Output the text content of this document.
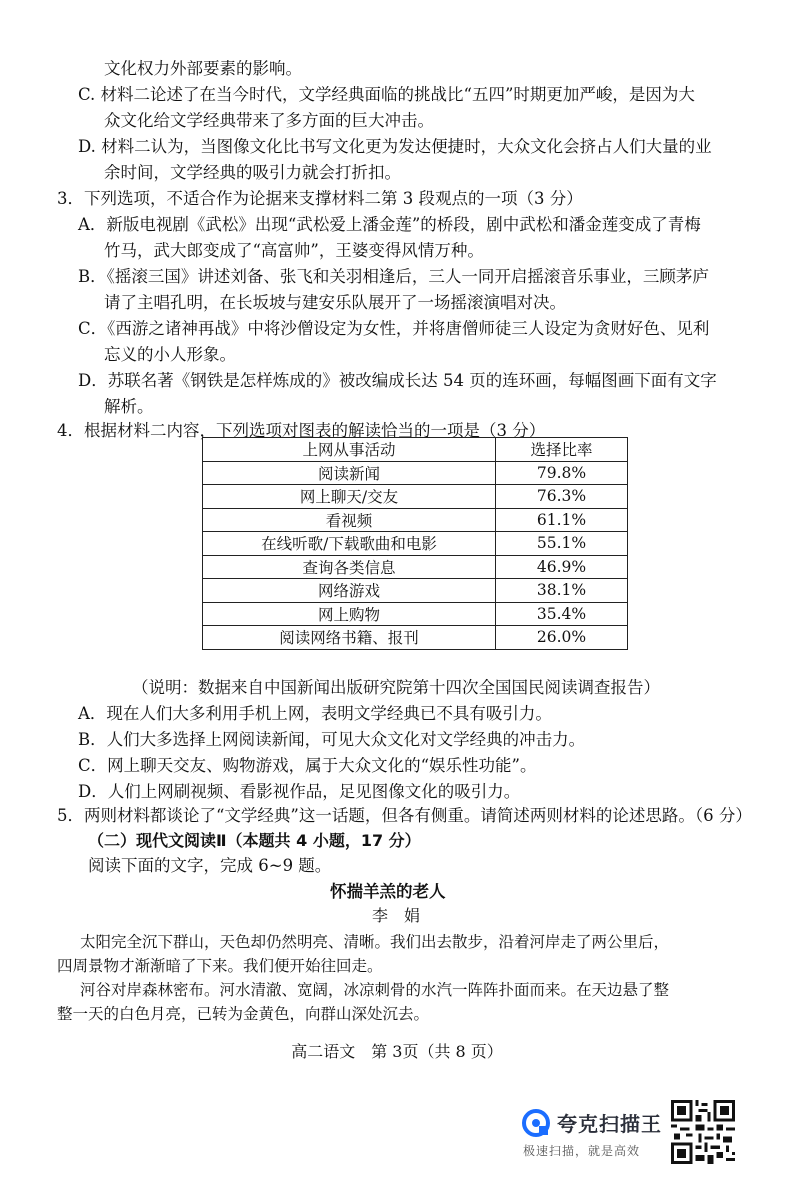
文化权力外部要素的影响。
C. 材料二论述了在当今时代，文学经典面临的挑战比“五四”时期更加严峻，是因为大
众文化给文学经典带来了多方面的巨大冲击。
D. 材料二认为，当图像文化比书写文化更为发达便捷时，大众文化会挤占人们大量的业
余时间，文学经典的吸引力就会打折扣。
3．下列选项，不适合作为论据来支撑材料二第 3 段观点的一项（3 分）
A．新版电视剧《武松》出现“武松爱上潘金莲”的桥段，剧中武松和潘金莲变成了青梅
竹马，武大郎变成了“高富帅”，王婆变得风情万种。
B．《摇滚三国》讲述刘备、张飞和关羽相逢后，三人一同开启摇滚音乐事业，三顾茅庐
请了主唱孔明，在长坂坡与建安乐队展开了一场摇滚演唱对决。
C．《西游之诸神再战》中将沙僧设定为女性，并将唐僧师徒三人设定为贪财好色、见利
忘义的小人形象。
D．苏联名著《钢铁是怎样炼成的》被改编成长达 54 页的连环画，每幅图画下面有文字
解析。
4．根据材料二内容，下列选项对图表的解读恰当的一项是（3 分）
上网从事活动	选择比率
阅读新闻	79.8%
网上聊天/交友	76.3%
看视频	61.1%
在线听歌/下载歌曲和电影	55.1%
查询各类信息	46.9%
网络游戏	38.1%
网上购物	35.4%
阅读网络书籍、报刊	26.0%
（说明：数据来自中国新闻出版研究院第十四次全国国民阅读调查报告）
A．现在人们大多利用手机上网，表明文学经典已不具有吸引力。
B．人们大多选择上网阅读新闻，可见大众文化对文学经典的冲击力。
C．网上聊天交友、购物游戏，属于大众文化的“娱乐性功能”。
D．人们上网刷视频、看影视作品，足见图像文化的吸引力。
5．两则材料都谈论了“文学经典”这一话题，但各有侧重。请简述两则材料的论述思路。（6 分）
（二）现代文阅读Ⅱ（本题共 4 小题，17 分）
阅读下面的文字，完成 6~9 题。
怀揣羊羔的老人
李　娟
太阳完全沉下群山，天色却仍然明亮、清晰。我们出去散步，沿着河岸走了两公里后，
四周景物才渐渐暗了下来。我们便开始往回走。
河谷对岸森林密布。河水清澈、宽阔，冰凉刺骨的水汽一阵阵扑面而来。在天边悬了整
整一天的白色月亮，已转为金黄色，向群山深处沉去。
高二语文　第 3页（共 8 页）
夸克扫描王
极速扫描，就是高效
